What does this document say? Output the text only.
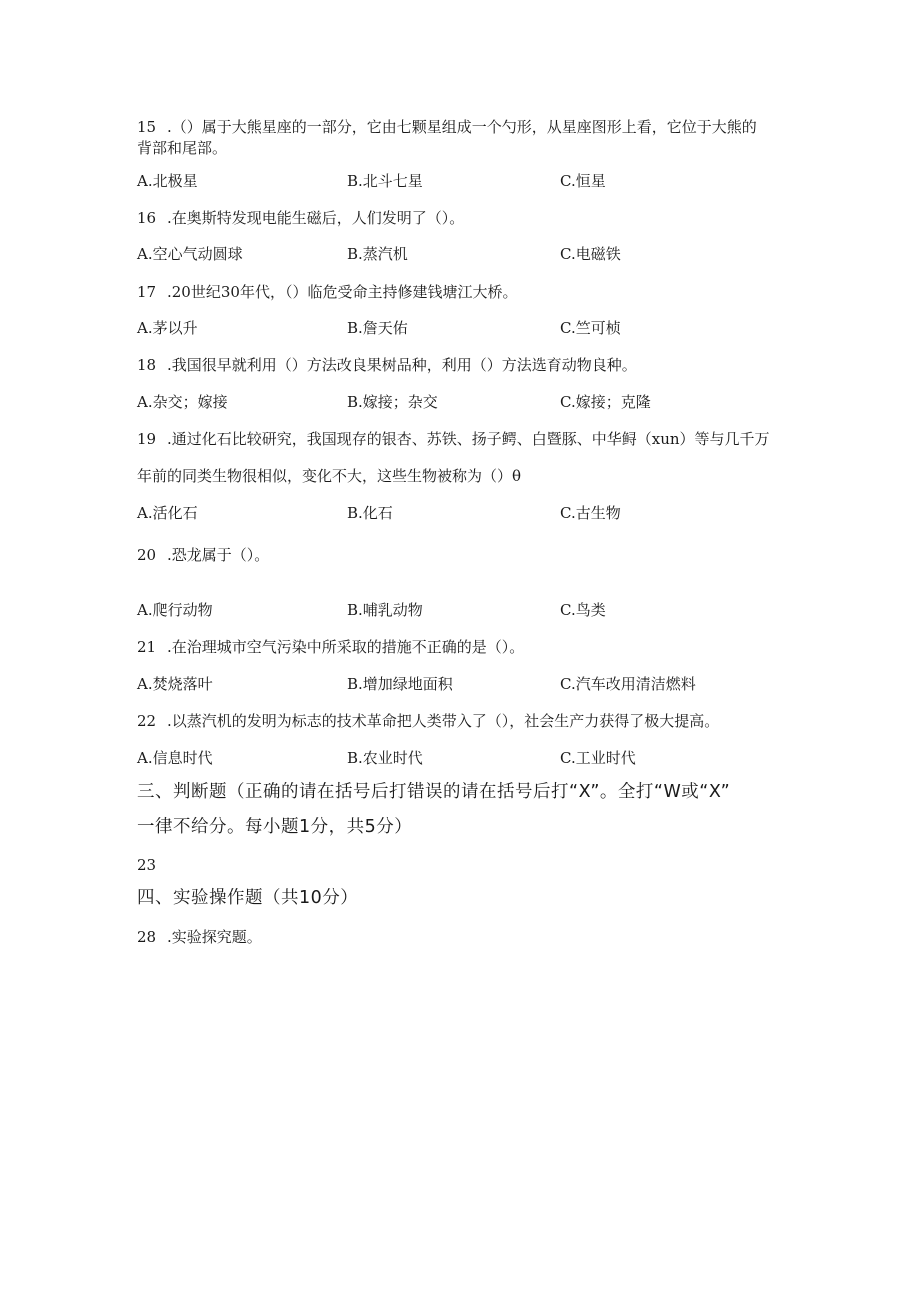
15 .（）属于大熊星座的一部分，它由七颗星组成一个勺形，从星座图形上看，它位于大熊的
背部和尾部。
A.北极星	B.北斗七星	C.恒星
16 .在奥斯特发现电能生磁后，人们发明了（）。
A.空心气动圆球	B.蒸汽机	C.电磁铁
17 .20世纪30年代，（）临危受命主持修建钱塘江大桥。
A.茅以升	B.詹天佑	C.竺可桢
18 .我国很早就利用（）方法改良果树品种，利用（）方法选育动物良种。
A.杂交；嫁接	B.嫁接；杂交	C.嫁接；克隆
19 .通过化石比较研究，我国现存的银杏、苏铁、扬子鳄、白暨豚、中华鲟（xun）等与几千万
年前的同类生物很相似，变化不大，这些生物被称为（）θ
A.活化石	B.化石	C.古生物
20 .恐龙属于（）。
A.爬行动物	B.哺乳动物	C.鸟类
21 .在治理城市空气污染中所采取的措施不正确的是（）。
A.焚烧落叶	B.增加绿地面积	C.汽车改用清洁燃料
22 .以蒸汽机的发明为标志的技术革命把人类带入了（），社会生产力获得了极大提高。
A.信息时代	B.农业时代	C.工业时代
三、判断题（正确的请在括号后打错误的请在括号后打“X”。全打“W或“X”
一律不给分。每小题1分，共5分）
23
四、实验操作题（共10分）
28 .实验探究题。
